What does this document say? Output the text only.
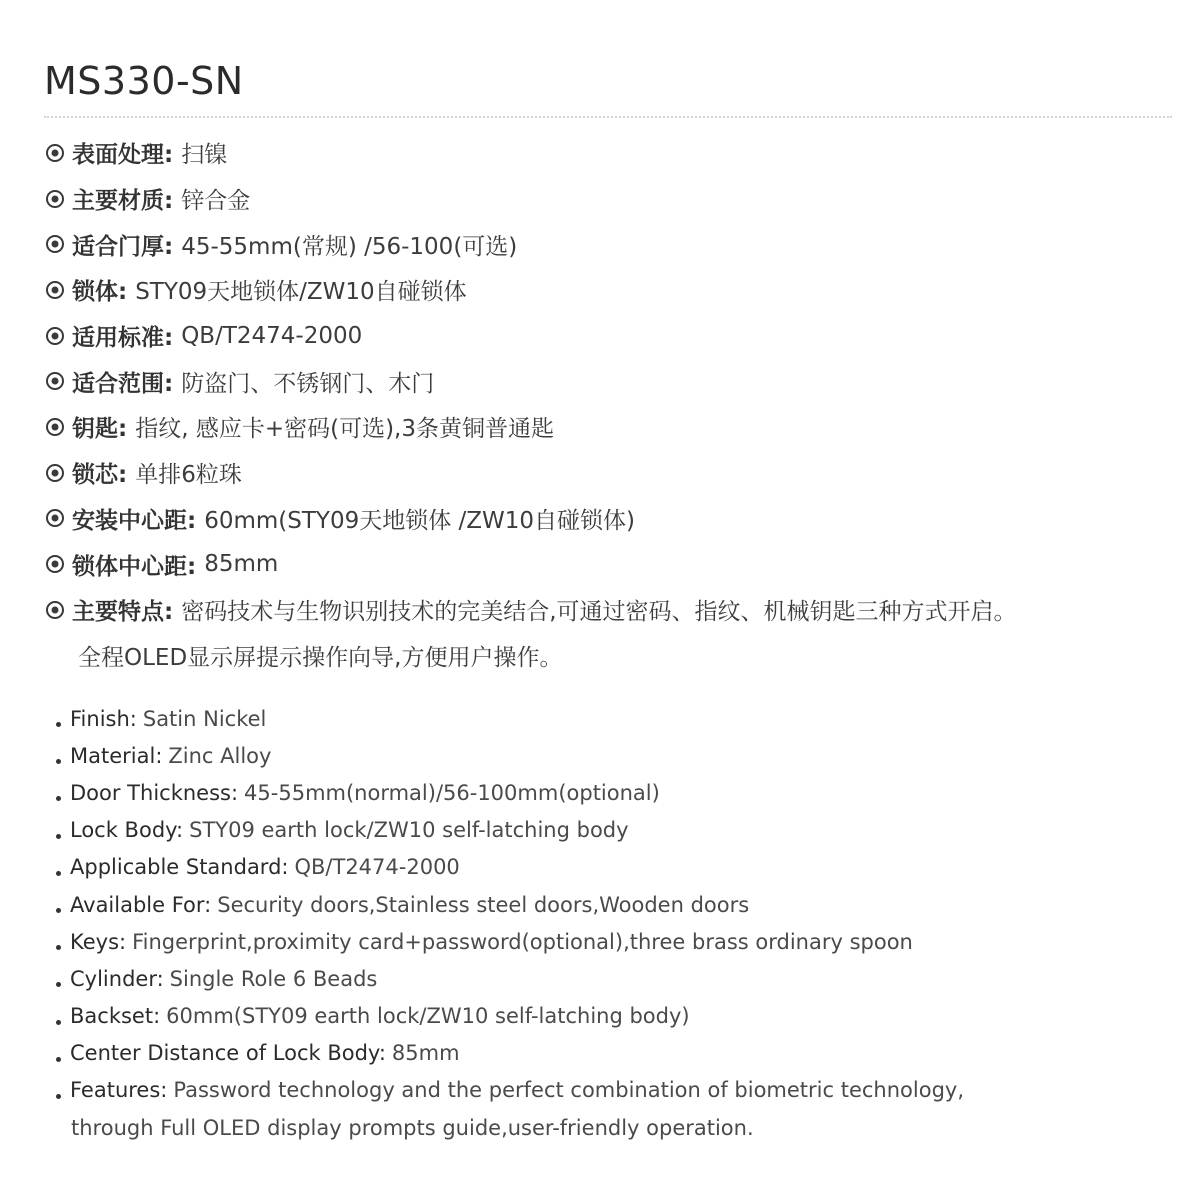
MS330-SN
表面处理: 扫镍
主要材质: 锌合金
适合门厚: 45-55mm(常规) /56-100(可选)
锁体: STY09天地锁体/ZW10自碰锁体
适用标准: QB/T2474-2000
适合范围: 防盗门、不锈钢门、木门
钥匙: 指纹, 感应卡+密码(可选),3条黄铜普通匙
锁芯: 单排6粒珠
安装中心距: 60mm(STY09天地锁体 /ZW10自碰锁体)
锁体中心距: 85mm
主要特点: 密码技术与生物识别技术的完美结合,可通过密码、指纹、机械钥匙三种方式开启。
全程OLED显示屏提示操作向导,方便用户操作。
Finish: Satin Nickel
Material: Zinc Alloy
Door Thickness: 45-55mm(normal)/56-100mm(optional)
Lock Body: STY09 earth lock/ZW10 self-latching body
Applicable Standard: QB/T2474-2000
Available For: Security doors,Stainless steel doors,Wooden doors
Keys: Fingerprint,proximity card+password(optional),three brass ordinary spoon
Cylinder: Single Role 6 Beads
Backset: 60mm(STY09 earth lock/ZW10 self-latching body)
Center Distance of Lock Body: 85mm
Features: Password technology and the perfect combination of biometric technology,
through Full OLED display prompts guide,user-friendly operation.
